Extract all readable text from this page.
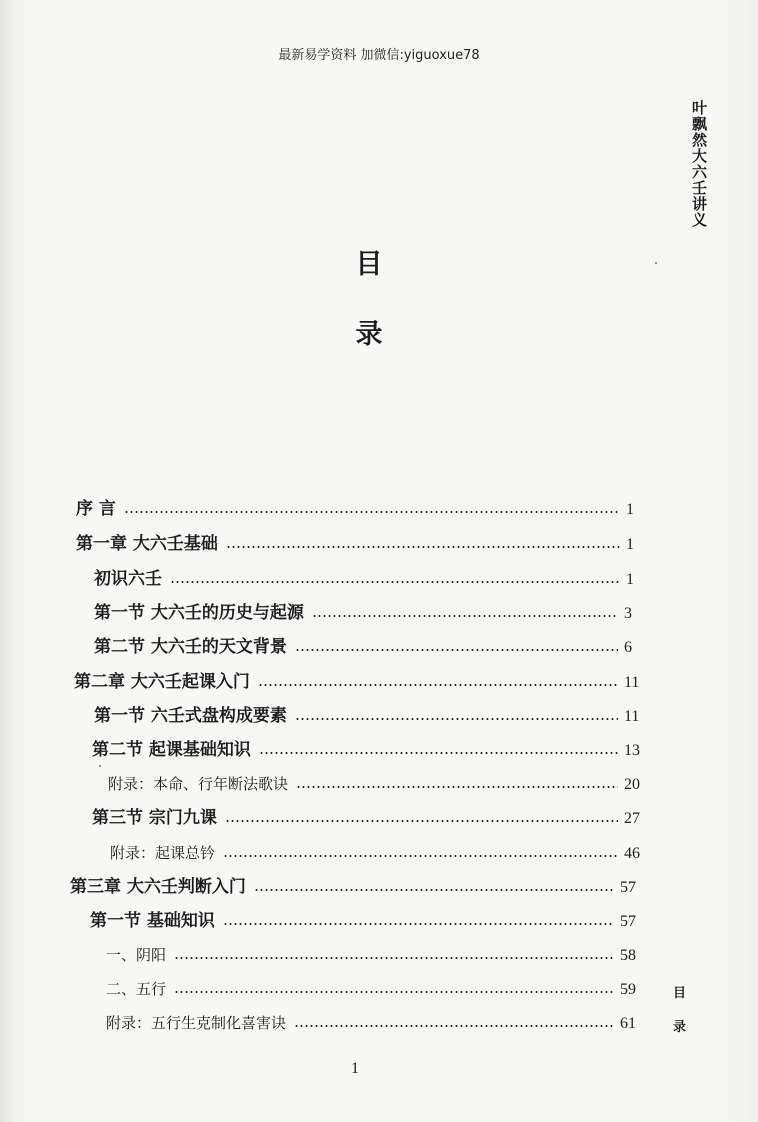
最新易学资料 加微信:yiguoxue78
叶飘然大六壬讲义
目
录
序 言	1
第一章 大六壬基础	1
初识六壬	1
第一节 大六壬的历史与起源	3
第二节 大六壬的天文背景	6
第二章 大六壬起课入门	11
第一节 六壬式盘构成要素	11
第二节 起课基础知识	13
附录：本命、行年断法歌诀	20
第三节 宗门九课	27
附录：起课总钤	46
第三章 大六壬判断入门	57
第一节 基础知识	57
一、阴阳	58
二、五行	59
附录：五行生克制化喜害诀	61
目
录
1
